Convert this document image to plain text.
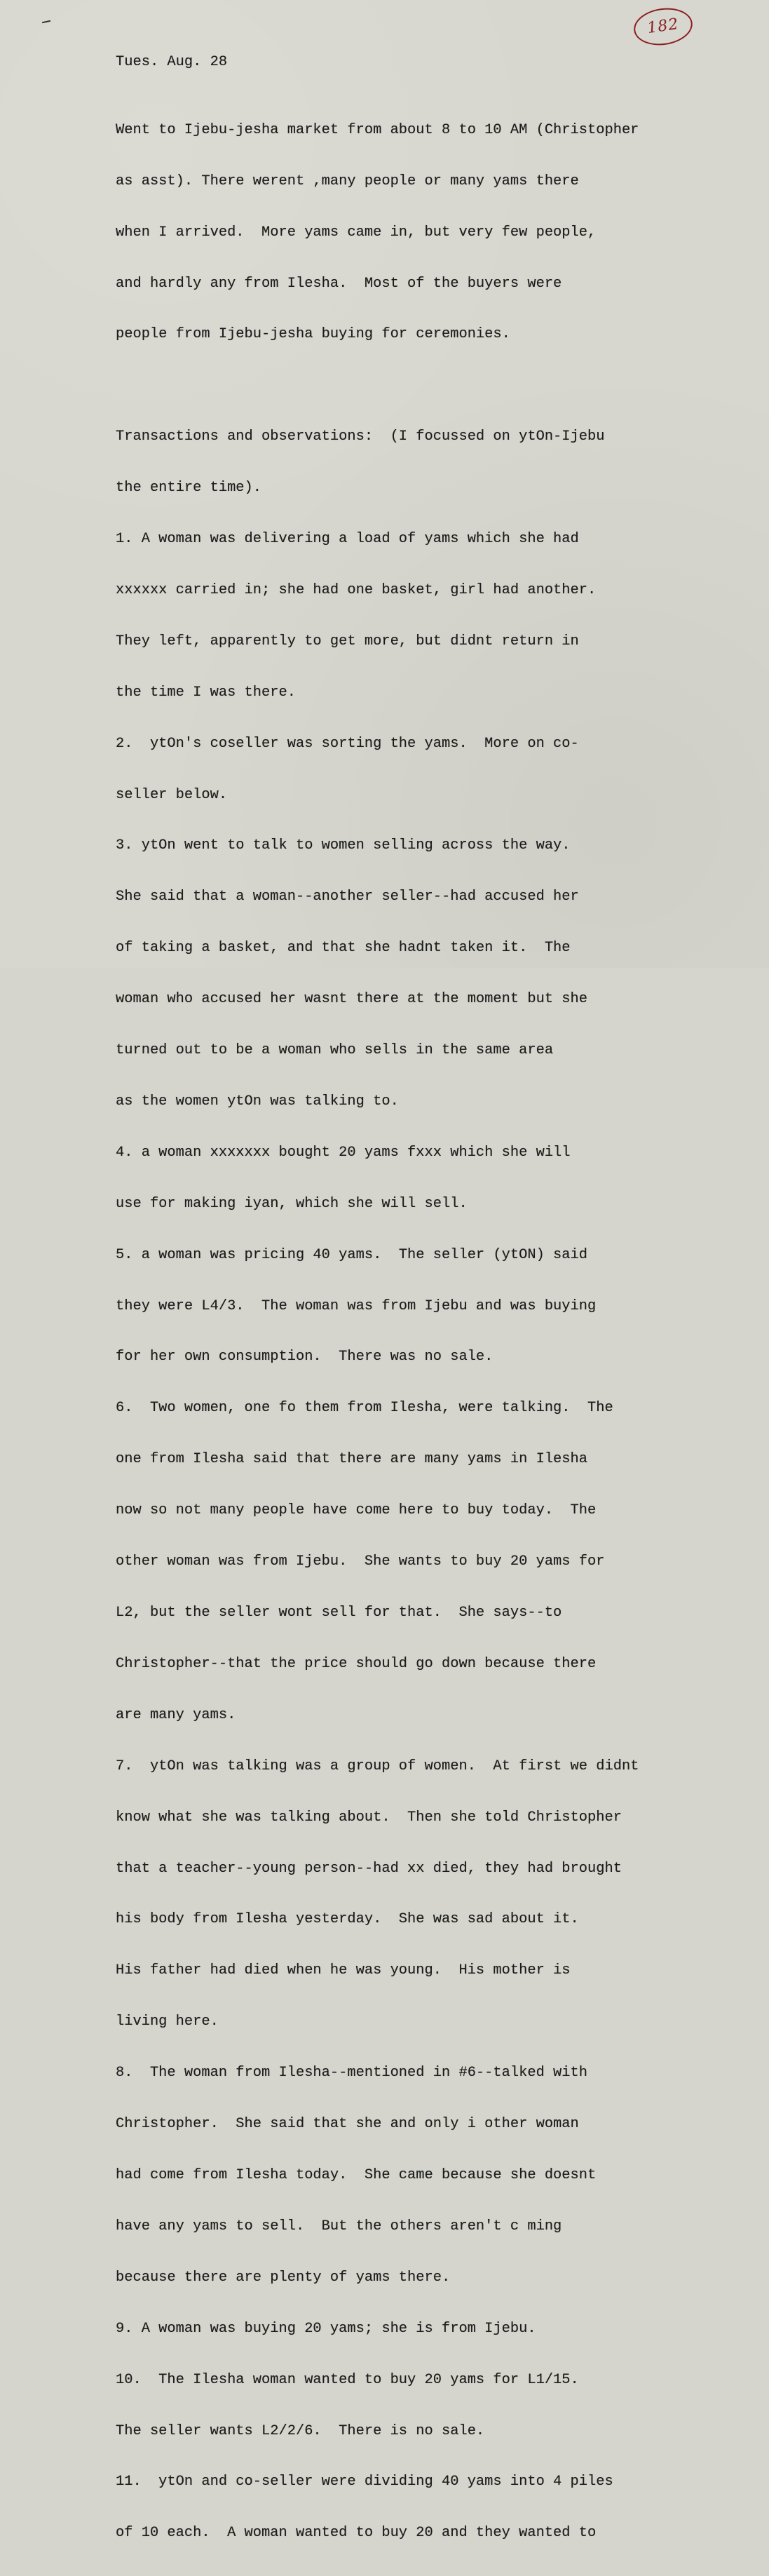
182
Tues. Aug. 28

Went to Ijebu-jesha market from about 8 to 10 AM (Christopher

as asst). There werent ,many people or many yams there

when I arrived.  More yams came in, but very few people,

and hardly any from Ilesha.  Most of the buyers were

people from Ijebu-jesha buying for ceremonies.

Transactions and observations:  (I focussed on ytOn-Ijebu

the entire time).

1. A woman was delivering a load of yams which she had

xxxxxx carried in; she had one basket, girl had another.

They left, apparently to get more, but didnt return in

the time I was there.

2.  ytOn's coseller was sorting the yams.  More on co-

seller below.

3. ytOn went to talk to women selling across the way.

She said that a woman--another seller--had accused her

of taking a basket, and that she hadnt taken it.  The

woman who accused her wasnt there at the moment but she

turned out to be a woman who sells in the same area

as the women ytOn was talking to.

4. a woman xxxxxxx bought 20 yams fxxx which she will

use for making iyan, which she will sell.

5. a woman was pricing 40 yams.  The seller (ytON) said

they were L4/3.  The woman was from Ijebu and was buying

for her own consumption.  There was no sale.

6.  Two women, one fo them from Ilesha, were talking.  The

one from Ilesha said that there are many yams in Ilesha

now so not many people have come here to buy today.  The

other woman was from Ijebu.  She wants to buy 20 yams for

L2, but the seller wont sell for that.  She says--to

Christopher--that the price should go down because there

are many yams.

7.  ytOn was talking was a group of women.  At first we didnt

know what she was talking about.  Then she told Christopher

that a teacher--young person--had xx died, they had brought

his body from Ilesha yesterday.  She was sad about it.

His father had died when he was young.  His mother is

living here.

8.  The woman from Ilesha--mentioned in #6--talked with

Christopher.  She said that she and only i other woman

had come from Ilesha today.  She came because she doesnt

have any yams to sell.  But the others aren't c ming

because there are plenty of yams there.

9. A woman was buying 20 yams; she is from Ijebu.

10.  The Ilesha woman wanted to buy 20 yams for L1/15.

The seller wants L2/2/6.  There is no sale.

11.  ytOn and co-seller were dividing 40 yams into 4 piles

of 10 each.  A woman wanted to buy 20 and they wanted to
